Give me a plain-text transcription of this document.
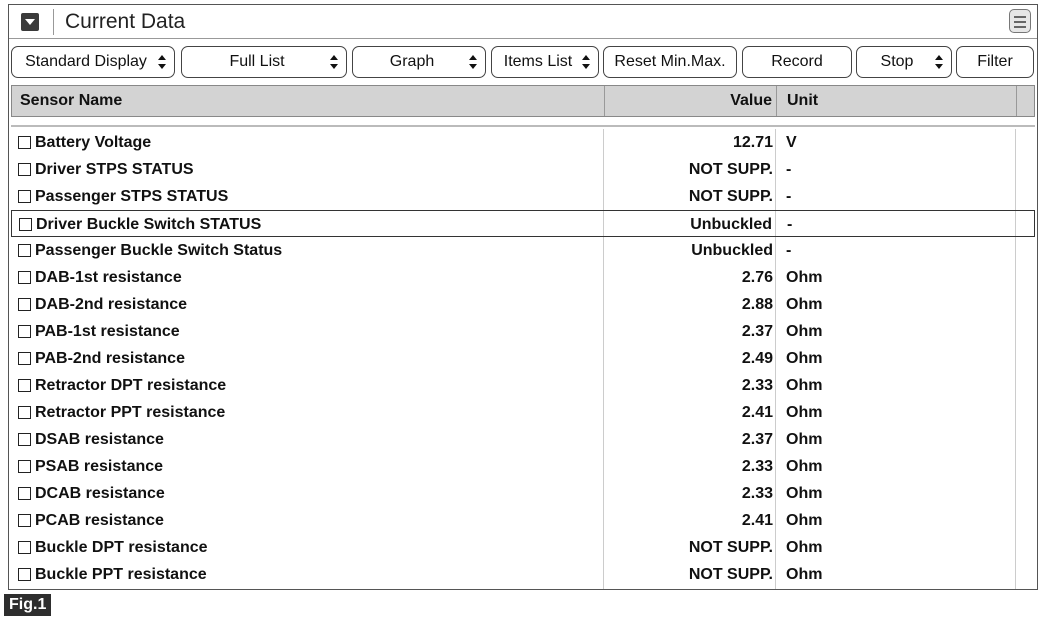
Current Data
Standard Display	Full List	Graph	Items List	Reset Min.Max.	Record	Stop	Filter
Sensor Name	Value Unit
Battery Voltage	12.71 V
Driver STPS STATUS	NOT SUPP. -
Passenger STPS STATUS	NOT SUPP. -
Driver Buckle Switch STATUS	Unbuckled -
Passenger Buckle Switch Status	Unbuckled -
DAB-1st resistance	2.76 Ohm
DAB-2nd resistance	2.88 Ohm
PAB-1st resistance	2.37 Ohm
PAB-2nd resistance	2.49 Ohm
Retractor DPT resistance	2.33 Ohm
Retractor PPT resistance	2.41 Ohm
DSAB resistance	2.37 Ohm
PSAB resistance	2.33 Ohm
DCAB resistance	2.33 Ohm
PCAB resistance	2.41 Ohm
Buckle DPT resistance	NOT SUPP. Ohm
Buckle PPT resistance	NOT SUPP. Ohm
Fig.1
